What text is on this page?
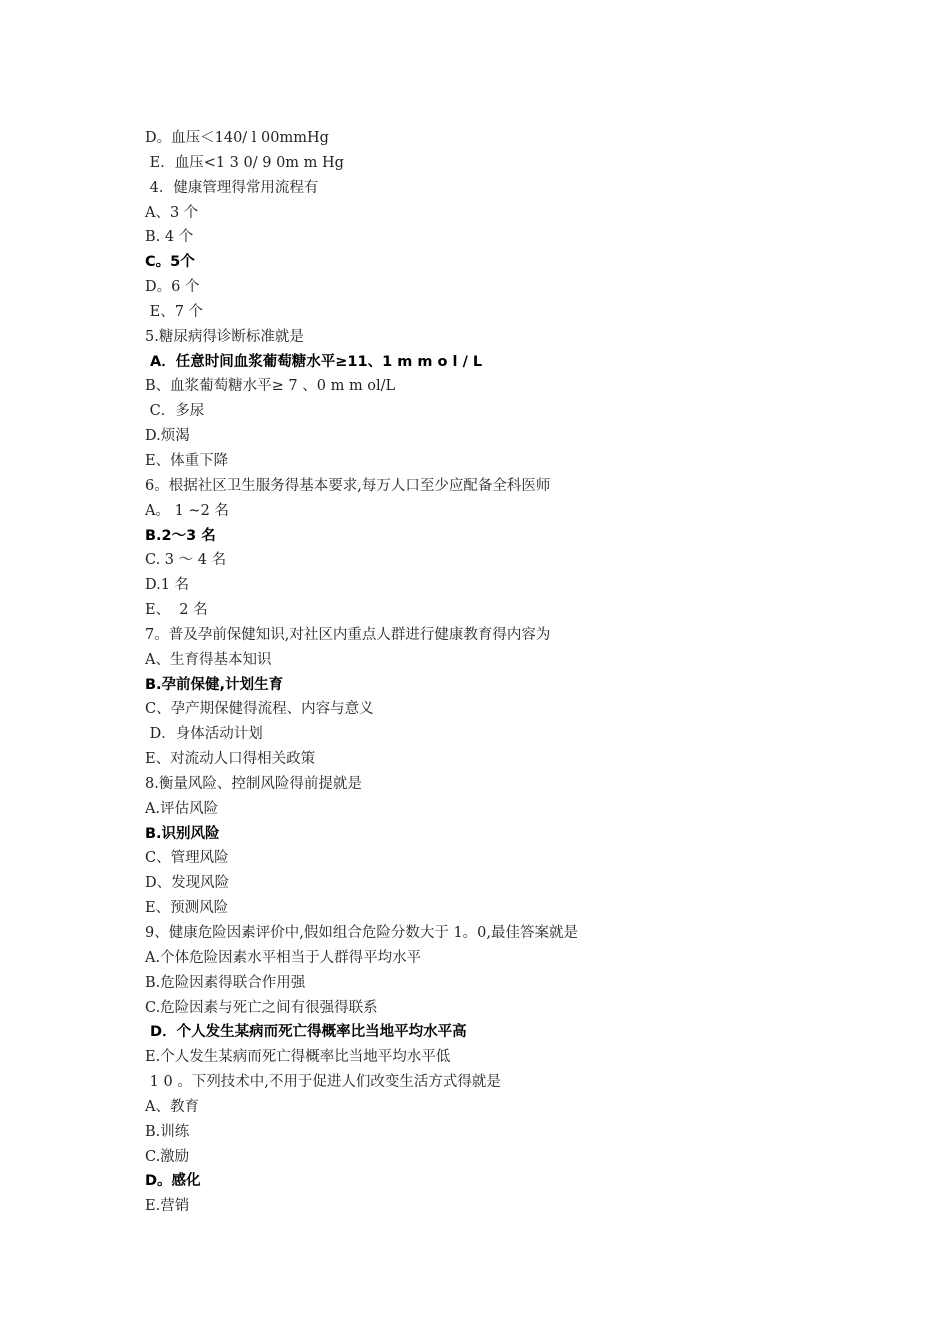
D。血压＜140/ l 00mmHg
E．血压<1 3 0/ 9 0m m Hg
4．健康管理得常用流程有
A、3 个
B. 4 个
C。5个
D。6 个
E、7 个
5.糖尿病得诊断标准就是
A．任意时间血浆葡萄糖水平≥11、1 m m o l / L
B、血浆葡萄糖水平≥ 7 、0 m m ol/L
C．多尿
D.烦渴
E、体重下降
6。根据社区卫生服务得基本要求,每万人口至少应配备全科医师
A。 1 ~2 名
B.2～3 名
C. 3 ～ 4 名
D.1 名
E、  2 名
7。普及孕前保健知识,对社区内重点人群进行健康教育得内容为
A、生育得基本知识
B.孕前保健,计划生育
C、孕产期保健得流程、内容与意义
D．身体活动计划
E、对流动人口得相关政策
8.衡量风险、控制风险得前提就是
A.评估风险
B.识别风险
C、管理风险
D、发现风险
E、预测风险
9、健康危险因素评价中,假如组合危险分数大于 1。0,最佳答案就是
A.个体危险因素水平相当于人群得平均水平
B.危险因素得联合作用强
C.危险因素与死亡之间有很强得联系
D．个人发生某病而死亡得概率比当地平均水平高
E.个人发生某病而死亡得概率比当地平均水平低
1 0 。下列技术中,不用于促进人们改变生活方式得就是
A、教育
B.训练
C.激励
D。感化
E.营销
